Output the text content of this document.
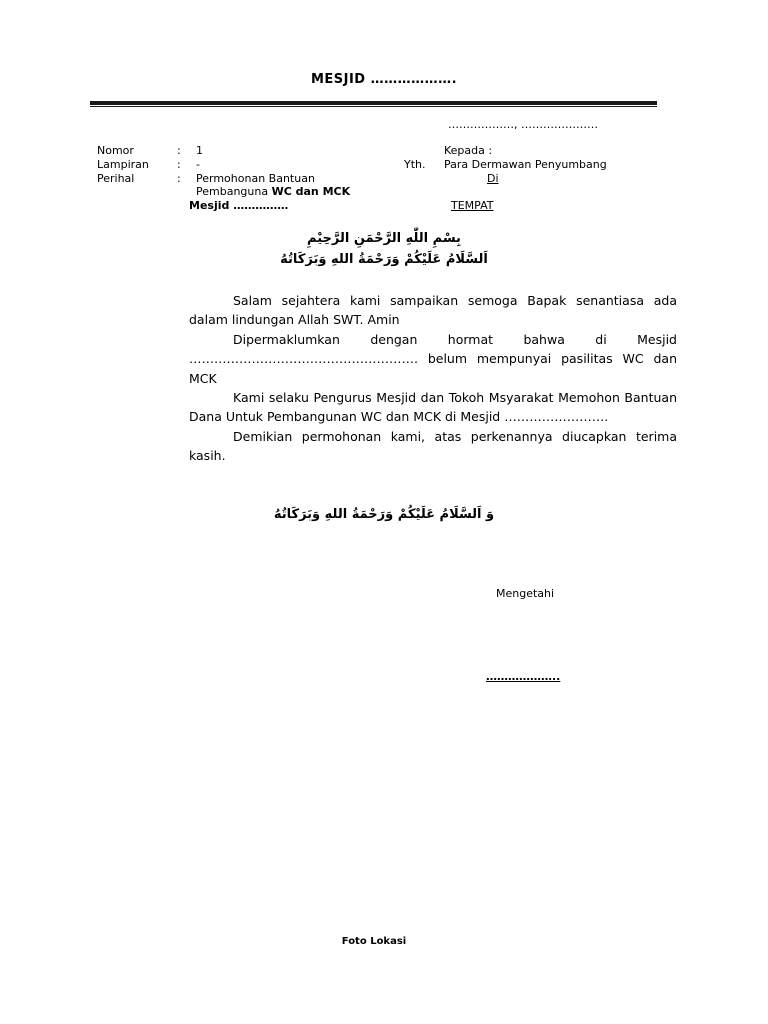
MESJID ……………….
………………, …………………
Nomor	: 1
Lampiran	: -
Perihal	: Permohonan Bantuan
Pembanguna WC dan MCK
Mesjid ……………
Kepada :
Yth. Para Dermawan Penyumbang
Di
TEMPAT
بِسْمِ اللّٰهِ الرَّحْمَنِ الرَّحِيْمِ
اَلسَّلَامُ عَلَيْكُمْ وَرَحْمَةُ اللهِ وَبَرَكَاتُهُ

Salam sejahtera kami sampaikan semoga Bapak senantiasa ada dalam lindungan Allah SWT. Amin

Dipermaklumkan dengan hormat bahwa di Mesjid ………………………………………………. belum mempunyai pasilitas WC dan MCK

Kami selaku Pengurus Mesjid dan Tokoh Msyarakat Memohon Bantuan Dana Untuk Pembangunan WC dan MCK di Mesjid …………………….

Demikian permohonan kami, atas perkenannya diucapkan terima kasih.

وَ اَلسَّلَامُ عَلَيْكُمْ وَرَحْمَةُ اللهِ وَبَرَكَاتُهُ
Mengetahi
………………..
Foto Lokasi
